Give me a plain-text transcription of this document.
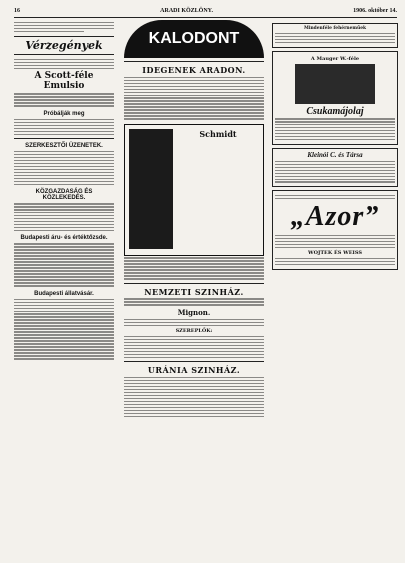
16	ARADI KÖZLÖNY.	1906. október 14.
Vérzegények
A Scott-féle Emulsio
Próbálják meg
SZERKESZTŐI ÜZENETEK.
KÖZGAZDASÁG ÉS KÖZLEKEDÉS.
Budapesti áru- és értéktőzsde.
Budapesti állatvásár.
KALODONT
IDEGENEK ARADON.
Schmidt
NEMZETI SZINHÁZ.
Mignon.
SZEREPLŐK:
URÁNIA SZINHÁZ.
Mindenféle fehérneműek
A Mauger W.-féle
Csukamájolaj
Kleinói C. és Társa
„Azor”
WOJTEK ÉS WEISS
